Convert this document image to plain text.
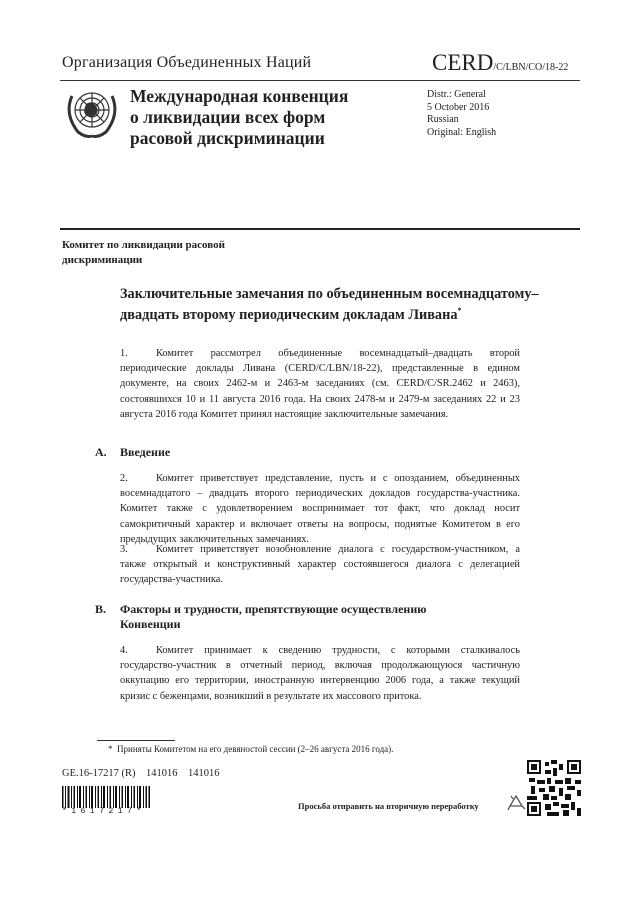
Организация Объединенных Наций	CERD/C/LBN/CO/18-22
Международная конвенция
о ликвидации всех форм
расовой дискриминации
Distr.: General
5 October 2016
Russian
Original: English
Комитет по ликвидации расовой дискриминации
Заключительные замечания по объединенным восемнадцатому–двадцать второму периодическим докладам Ливана*
1.	Комитет рассмотрел объединенные восемнадцатый–двадцать второй периодические доклады Ливана (CERD/C/LBN/18-22), представленные в едином документе, на своих 2462-м и 2463-м заседаниях (см. CERD/C/SR.2462 и 2463), состоявшихся 10 и 11 августа 2016 года. На своих 2478-м и 2479-м заседаниях 22 и 23 августа 2016 года Комитет принял настоящие заключительные замечания.
A. Введение
2.	Комитет приветствует представление, пусть и с опозданием, объединенных восемнадцатого – двадцать второго периодических докладов государства-участника. Комитет также с удовлетворением воспринимает тот факт, что доклад носит самокритичный характер и включает ответы на вопросы, поднятые Комитетом в его предыдущих заключительных замечаниях.
3.	Комитет приветствует возобновление диалога с государством-участником, а также открытый и конструктивный характер состоявшегося диалога с делегацией государства-участника.
B. Факторы и трудности, препятствующие осуществлению Конвенции
4.	Комитет принимает к сведению трудности, с которыми сталкивалось государство-участник в отчетный период, включая продолжающуюся частичную оккупацию его территории, иностранную интервенцию 2006 года, а также текущий кризис с беженцами, возникший в результате их массового притока.
*  Приняты Комитетом на его девяностой сессии (2–26 августа 2016 года).
GE.16-17217 (R)    141016    141016
*1617217*
Просьба отправить на вторичную переработку
